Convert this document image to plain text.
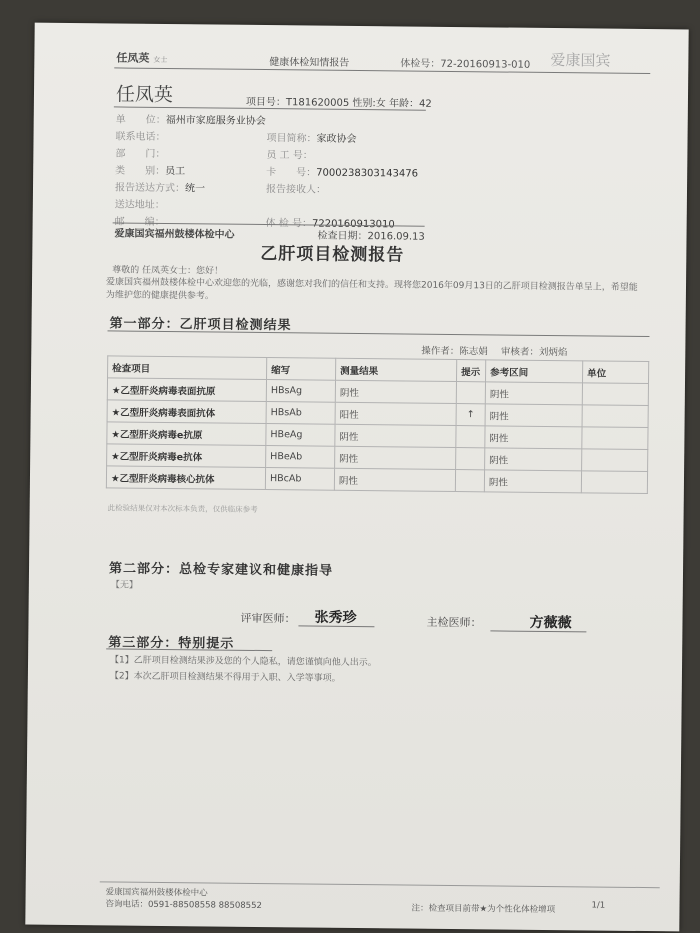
任凤英 女士	健康体检知情报告	体检号：72-20160913-010 爱康国宾
任凤英	项目号：T181620005 性别:女 年龄：42
单　　位：福州市家庭服务业协会
联系电话：
部　　门：
类　　别：员工
报告送达方式：统一
送达地址：
邮　　编：
项目简称：家政协会
员 工 号：
卡　　号：7000238303143476
报告接收人：
体 检 号：7220160913010
爱康国宾福州鼓楼体检中心	检查日期：2016.09.13
乙肝项目检测报告
尊敬的 任凤英女士：您好！
爱康国宾福州鼓楼体检中心欢迎您的光临，感谢您对我们的信任和支持。现将您2016年09月13日的乙肝项目检测报告单呈上，希望能为维护您的健康提供参考。
第一部分：乙肝项目检测结果
操作者：陈志娟 审核者：刘炳焰
检查项目	缩写	测量结果	提示	参考区间	单位
★乙型肝炎病毒表面抗原	HBsAg	阴性		阴性	
★乙型肝炎病毒表面抗体	HBsAb	阳性	↑	阴性	
★乙型肝炎病毒e抗原	HBeAg	阴性		阴性	
★乙型肝炎病毒e抗体	HBeAb	阴性		阴性	
★乙型肝炎病毒核心抗体	HBcAb	阴性		阴性	
此检验结果仅对本次标本负责，仅供临床参考
第二部分：总检专家建议和健康指导
【无】
评审医师： 张秀珍	主检医师：	方薇薇
第三部分：特别提示
【1】乙肝项目检测结果涉及您的个人隐私，请您谨慎向他人出示。
【2】本次乙肝项目检测结果不得用于入职、入学等事项。
爱康国宾福州鼓楼体检中心
咨询电话：0591-88508558 88508552	注：检查项目前带★为个性化体检增项	1/1
